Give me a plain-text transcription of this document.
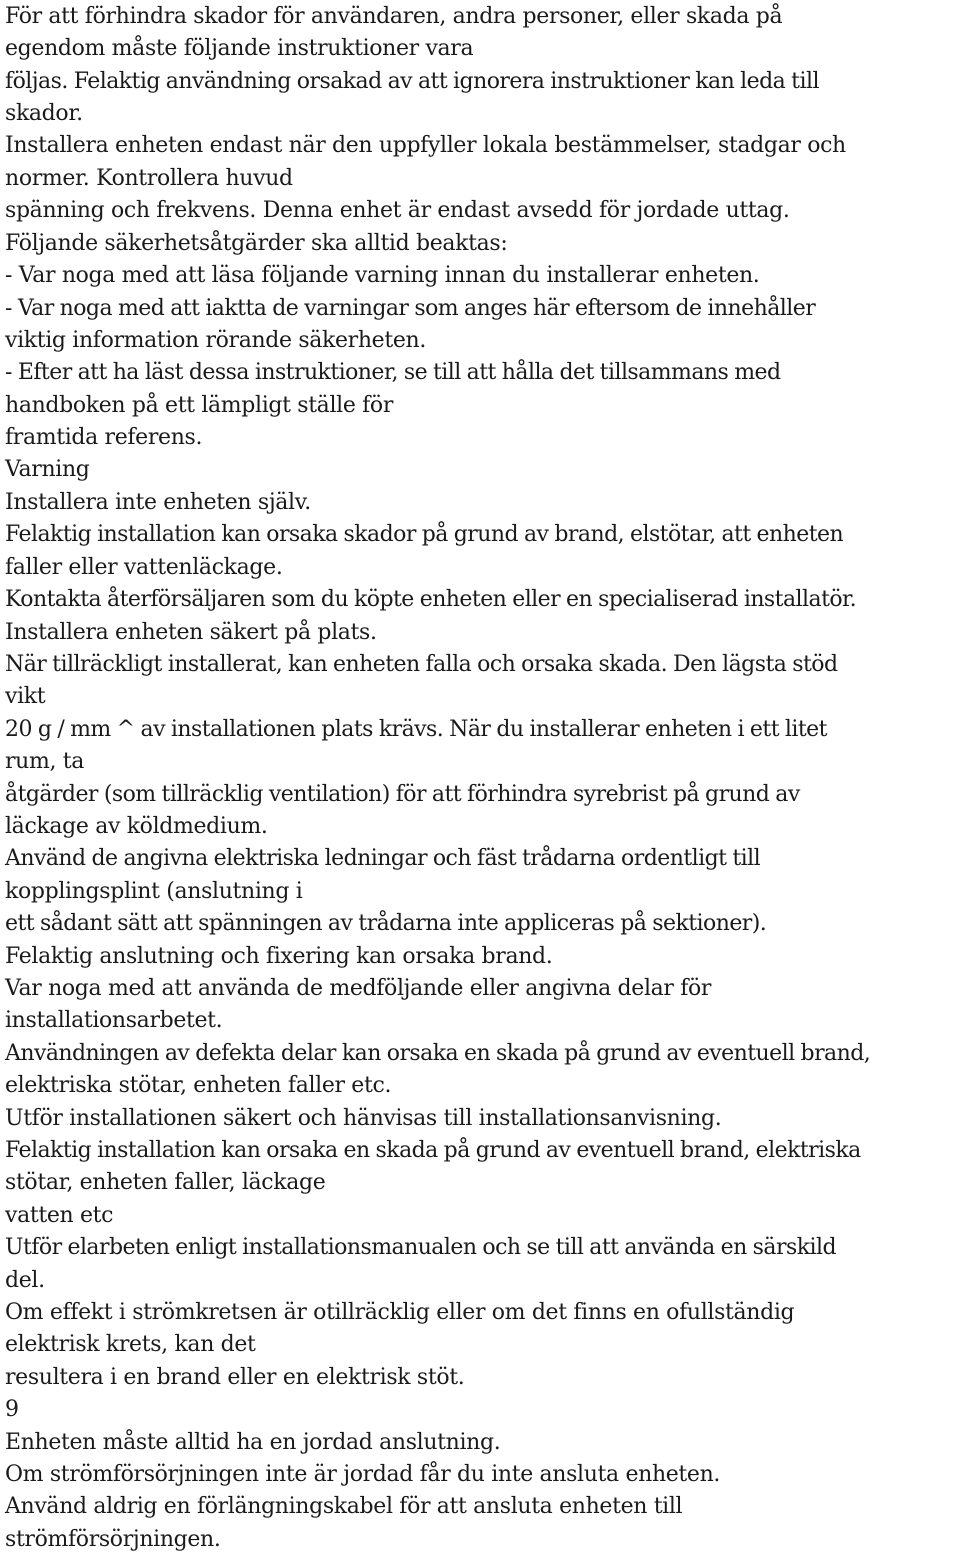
För att förhindra skador för användaren, andra personer, eller skada på
egendom måste följande instruktioner vara
följas. Felaktig användning orsakad av att ignorera instruktioner kan leda till
skador.
Installera enheten endast när den uppfyller lokala bestämmelser, stadgar och
normer. Kontrollera huvud
spänning och frekvens. Denna enhet är endast avsedd för jordade uttag.
Följande säkerhetsåtgärder ska alltid beaktas:
- Var noga med att läsa följande varning innan du installerar enheten.
- Var noga med att iaktta de varningar som anges här eftersom de innehåller
viktig information rörande säkerheten.
- Efter att ha läst dessa instruktioner, se till att hålla det tillsammans med
handboken på ett lämpligt ställe för
framtida referens.
Varning
Installera inte enheten själv.
Felaktig installation kan orsaka skador på grund av brand, elstötar, att enheten
faller eller vattenläckage.
Kontakta återförsäljaren som du köpte enheten eller en specialiserad installatör.
Installera enheten säkert på plats.
När tillräckligt installerat, kan enheten falla och orsaka skada. Den lägsta stöd
vikt
20 g / mm ^ av installationen plats krävs. När du installerar enheten i ett litet
rum, ta
åtgärder (som tillräcklig ventilation) för att förhindra syrebrist på grund av
läckage av köldmedium.
Använd de angivna elektriska ledningar och fäst trådarna ordentligt till
kopplingsplint (anslutning i
ett sådant sätt att spänningen av trådarna inte appliceras på sektioner).
Felaktig anslutning och fixering kan orsaka brand.
Var noga med att använda de medföljande eller angivna delar för
installationsarbetet.
Användningen av defekta delar kan orsaka en skada på grund av eventuell brand,
elektriska stötar, enheten faller etc.
Utför installationen säkert och hänvisas till installationsanvisning.
Felaktig installation kan orsaka en skada på grund av eventuell brand, elektriska
stötar, enheten faller, läckage
vatten etc
Utför elarbeten enligt installationsmanualen och se till att använda en särskild
del.
Om effekt i strömkretsen är otillräcklig eller om det finns en ofullständig
elektrisk krets, kan det
resultera i en brand eller en elektrisk stöt.
9
Enheten måste alltid ha en jordad anslutning.
Om strömförsörjningen inte är jordad får du inte ansluta enheten.
Använd aldrig en förlängningskabel för att ansluta enheten till
strömförsörjningen.
